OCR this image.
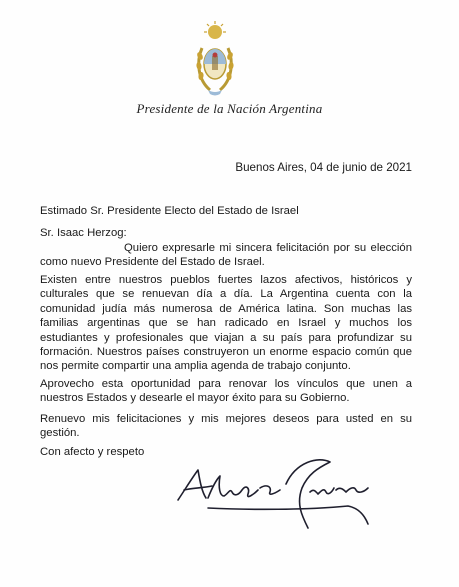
Presidente de la Nación Argentina
Buenos Aires, 04 de junio de 2021
Estimado Sr. Presidente Electo del Estado de Israel
Sr. Isaac Herzog:
Quiero expresarle mi sincera felicitación por su elección como nuevo Presidente del Estado de Israel.
Existen entre nuestros pueblos fuertes lazos afectivos, históricos y culturales que se renuevan día a día. La Argentina cuenta con la comunidad judía más numerosa de América latina. Son muchas las familias argentinas que se han radicado en Israel y muchos los estudiantes y profesionales que viajan a su país para profundizar su formación. Nuestros países construyeron un enorme espacio común que nos permite compartir una amplia agenda de trabajo conjunto.
Aprovecho esta oportunidad para renovar los vínculos que unen a nuestros Estados y desearle el mayor éxito para su Gobierno.
Renuevo mis felicitaciones y mis mejores deseos para usted en su gestión.
Con afecto y respeto
